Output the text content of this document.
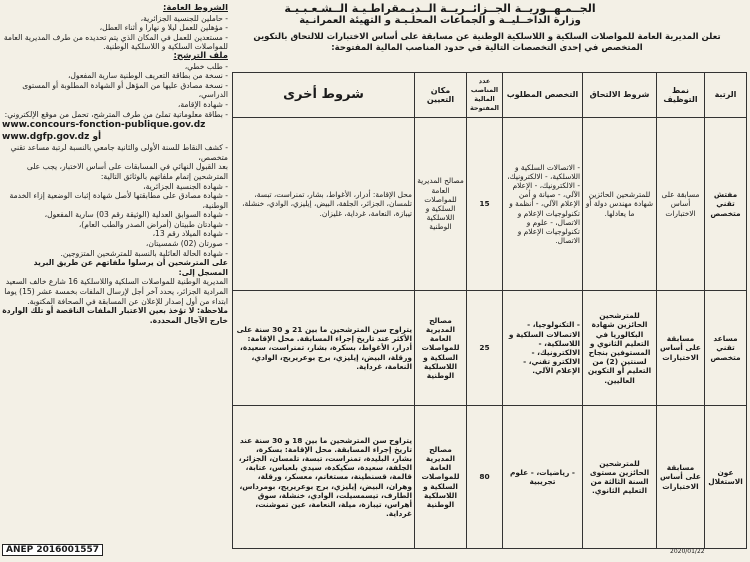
الجــمـهــوريــة الجــزائــريــة الــديـمقراطـيـة الــشـعـبـيـة
وزارة الداخــليــة و الجماعات المحلـيـة و التهيئة العمرانـية
تعلن المديرية العامة للمواصلات السلكية و اللاسلكية الوطنية عن مسابقة على أساس الاختبارات للالتحاق بالتكوين المتخصص في إحدى التخصصات التالية في حدود المناصب المالية المفتوحة:
الرتبة	نمط التوظيف	شروط الالتحاق	التخصص المطلوب	عدد المناصب المالية المفتوحة	مكان التعيين	شروط أخرى
مفتش تقني متخصص	مسابقة على أساس الاختبارات	للمترشحين الحائزين شهادة مهندس دولة أو ما يعادلها.	- الاتصالات السلكية و اللاسلكية، - الالكترونيك، - الالكترونيك، - الإعلام الآلي، - صيانة و أمن الإعلام الآلي، - أنظمة و تكنولوجيات الإعلام و الاتصال، - علوم و تكنولوجيات الإعلام و الاتصال.	15	مصالح المديرية العامة للمواصلات السلكية و اللاسلكية الوطنية	محل الإقامة: أدرار، الأغواط، بشار، تمنراست، تبسة، تلمسان، الجزائر، الجلفة، البيض، إيليزي، الوادي، خنشلة، تيبازة، النعامة، غرداية، غليزان.
مساعد تقني متخصص	مسابقة على أساس الاختبارات	للمترشحين الحائزين شهادة البكالوريا في التعليم الثانوي و المستوفين بنجاح لسنتين (2) من التعليم أو التكوين العاليين.	- التكنولوجيا، - الاتصالات السلكية و اللاسلكية، - الالكترونيك، - الالكترو تقني، - الإعلام الآلي.	25	مصالح المديرية العامة للمواصلات السلكية و اللاسلكية الوطنية	يتراوح سن المترشحين ما بين 21 و 30 سنة على الأكثر عند تاريخ إجراء المسابقة. محل الإقامة: أدرار، الأغواط، بسكرة، بشار، تمنراست، سعيدة، ورقلة، البيض، إيليزي، برج بوعريريج، الوادي، النعامة، غرداية.
عون الاستغلال	مسابقة على أساس الاختبارات	للمترشحين الحائزين مستوى السنة الثالثة من التعليم الثانوي.	- رياضيات، - علوم تجريبية	80	مصالح المديرية العامة للمواصلات السلكية و اللاسلكية الوطنية	يتراوح سن المترشحين ما بين 18 و 30 سنة عند تاريخ إجراء المسابقة. محل الإقامة: بسكرة، بشار، البليدة، تمنراست، تبسة، تلمسان، الجزائر، الجلفة، سعيدة، سكيكدة، سيدي بلعباس، عنابة، قالمة، قسنطينة، مستغانم، معسكر، ورقلة، وهران، البيض، إيليزي، برج بوعريريج، بومرداس، الطارف، تيسمسيلت، الوادي، خنشلة، سوق أهراس، تيبازة، ميلة، النعامة، عين تموشنت، غرداية.
الشروط العامة:
- حاملين للجنسية الجزائرية،
- مؤهلين للعمل ليلا و نهارا و أثناء العطل،
- مستعدين للعمل في المكان الذي يتم تحديده من طرف المديرية العامة للمواصلات السلكية و اللاسلكية الوطنية.
ملف الترشح:
- طلب خطي،
- نسخة من بطاقة التعريف الوطنية سارية المفعول،
- نسخة مصادق عليها من المؤهل أو الشهادة المطلوبة أو المستوى الدراسي،
- شهادة الإقامة،
- بطاقة معلوماتية تملئ من طرف المترشح، تحمل من موقع الإلكتروني:
www.concours-fonction-publique.gov.dz
www.dgfp.gov.dz أو
- كشف النقاط للسنة الأولى والثانية جامعي بالنسبة لرتبة مساعد تقني متخصص،
بعد القبول النهائي في المسابقات على أساس الاختبار، يجب على المترشحين إتمام ملفاتهم بالوثائق التالية:
- شهادة الجنسية الجزائرية،
- شهادة مصادق على مطابقتها لأصل شهادة إثبات الوضعية إزاء الخدمة الوطنية،
- شهادة السوابق العدلية (الوثيقة رقم 03) سارية المفعول،
- شهادتان طبيتان (أمراض الصدر والطب العام)،
- شهادة الميلاد رقم 13،
- صورتان (02) شمسيتان،
- شهادة الحالة العائلية بالنسبة للمترشحين المتزوجين.
على المترشحين أن يرسلوا ملفاتهم عن طريق البريد المسجل إلى:
المديرية الوطنية للمواصلات السلكية واللاسلكية 16 شارع خالف السعيد المرادية الجزائر، يحدد آخر أجل لإرسال الملفات بخمسة عشر (15) يوما ابتداء من أول إصدار للإعلان عن المسابقة في الصحافة المكتوبة.
ملاحظة: لا تؤخذ بعين الاعتبار الملفات الناقصة أو تلك الواردة خارج الآجال المحددة.
ANEP 2016001557	2020/01/22
